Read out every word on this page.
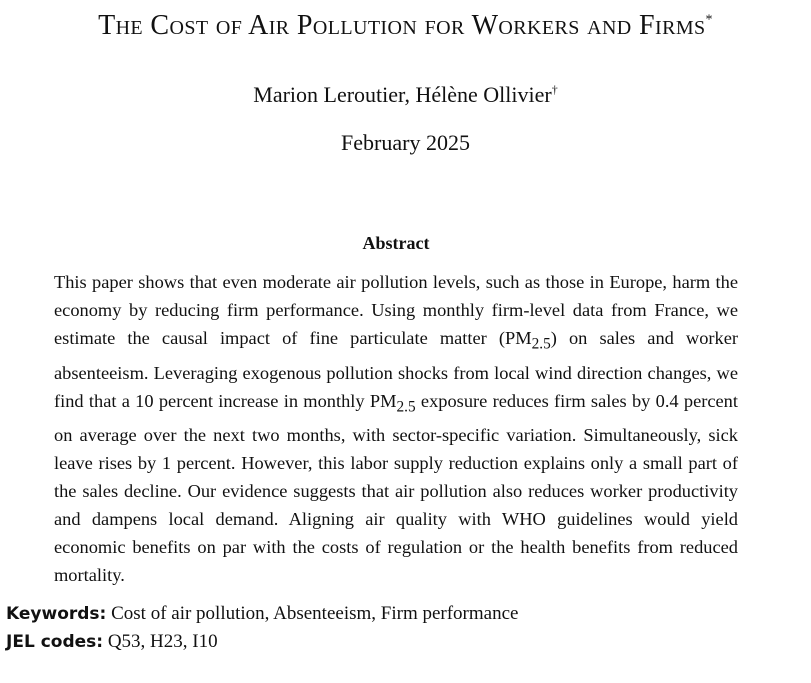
The Cost of Air Pollution for Workers and Firms*
Marion Leroutier, Hélène Ollivier†
February 2025
Abstract

This paper shows that even moderate air pollution levels, such as those in Europe, harm the economy by reducing firm performance. Using monthly firm-level data from France, we estimate the causal impact of fine particulate matter $(PM_{2.5})$ on sales and worker absenteeism. Leveraging exogenous pollution shocks from local wind direction changes, we find that a 10 percent increase in monthly $PM_{2.5}$ exposure reduces firm sales by 0.4 percent on average over the next two months, with sector-specific variation. Simultaneously, sick leave rises by 1 percent. However, this labor supply reduction explains only a small part of the sales decline. Our evidence suggests that air pollution also reduces worker productivity and dampens local demand. Aligning air quality with WHO guidelines would yield economic benefits on par with the costs of regulation or the health benefits from reduced mortality.

Keywords: Cost of air pollution, Absenteeism, Firm performance
JEL codes: Q53, H23, I10
